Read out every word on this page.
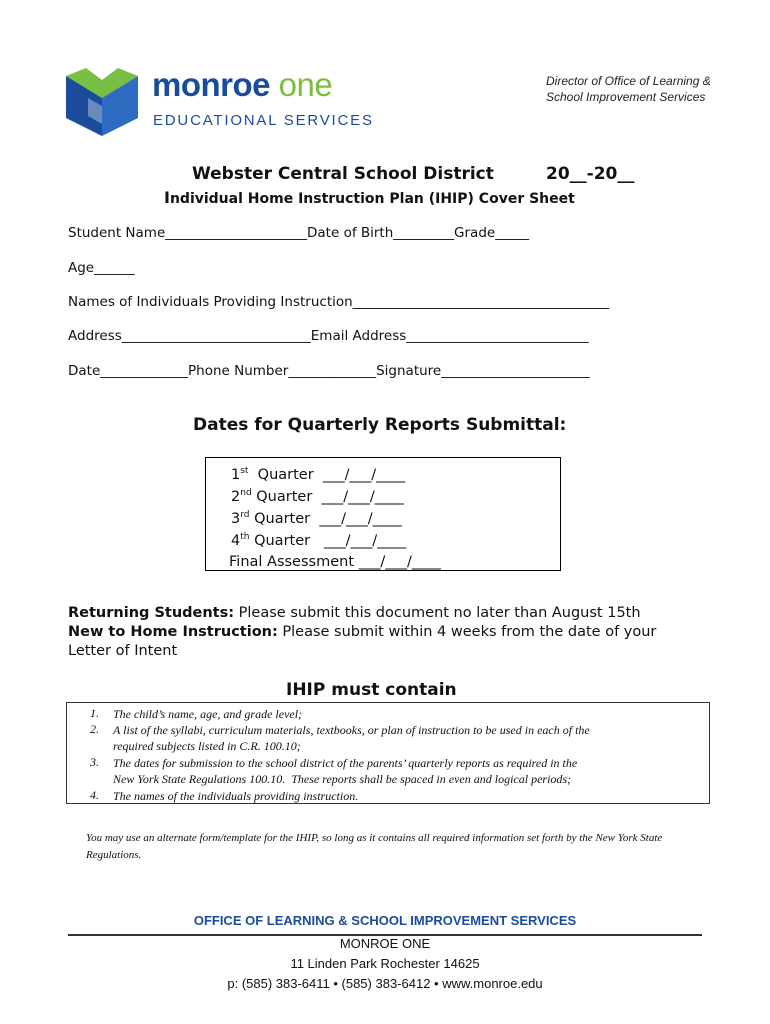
monroe one
EDUCATIONAL SERVICES
Director of Office of Learning &
School Improvement Services
Webster Central School District	20__-20__
Individual Home Instruction Plan (IHIP) Cover Sheet
Student Name_____________________Date of Birth_________Grade_____
Age______
Names of Individuals Providing Instruction______________________________________
Address____________________________Email Address___________________________
Date_____________Phone Number_____________Signature______________________
Dates for Quarterly Reports Submittal:
1st  Quarter  ___/___/____
2nd Quarter  ___/___/____
3rd Quarter  ___/___/____
4th Quarter   ___/___/____
Final Assessment ___/___/____
Returning Students: Please submit this document no later than August 15th
New to Home Instruction: Please submit within 4 weeks from the date of your
Letter of Intent
IHIP must contain
1. The child’s name, age, and grade level;
2. A list of the syllabi, curriculum materials, textbooks, or plan of instruction to be used in each of the
required subjects listed in C.R. 100.10;
3. The dates for submission to the school district of the parents’ quarterly reports as required in the
New York State Regulations 100.10.  These reports shall be spaced in even and logical periods;
4. The names of the individuals providing instruction.
You may use an alternate form/template for the IHIP, so long as it contains all required information set forth by the New York State Regulations.
OFFICE OF LEARNING & SCHOOL IMPROVEMENT SERVICES
MONROE ONE
11 Linden Park Rochester 14625
p: (585) 383-6411 • (585) 383-6412 • www.monroe.edu
